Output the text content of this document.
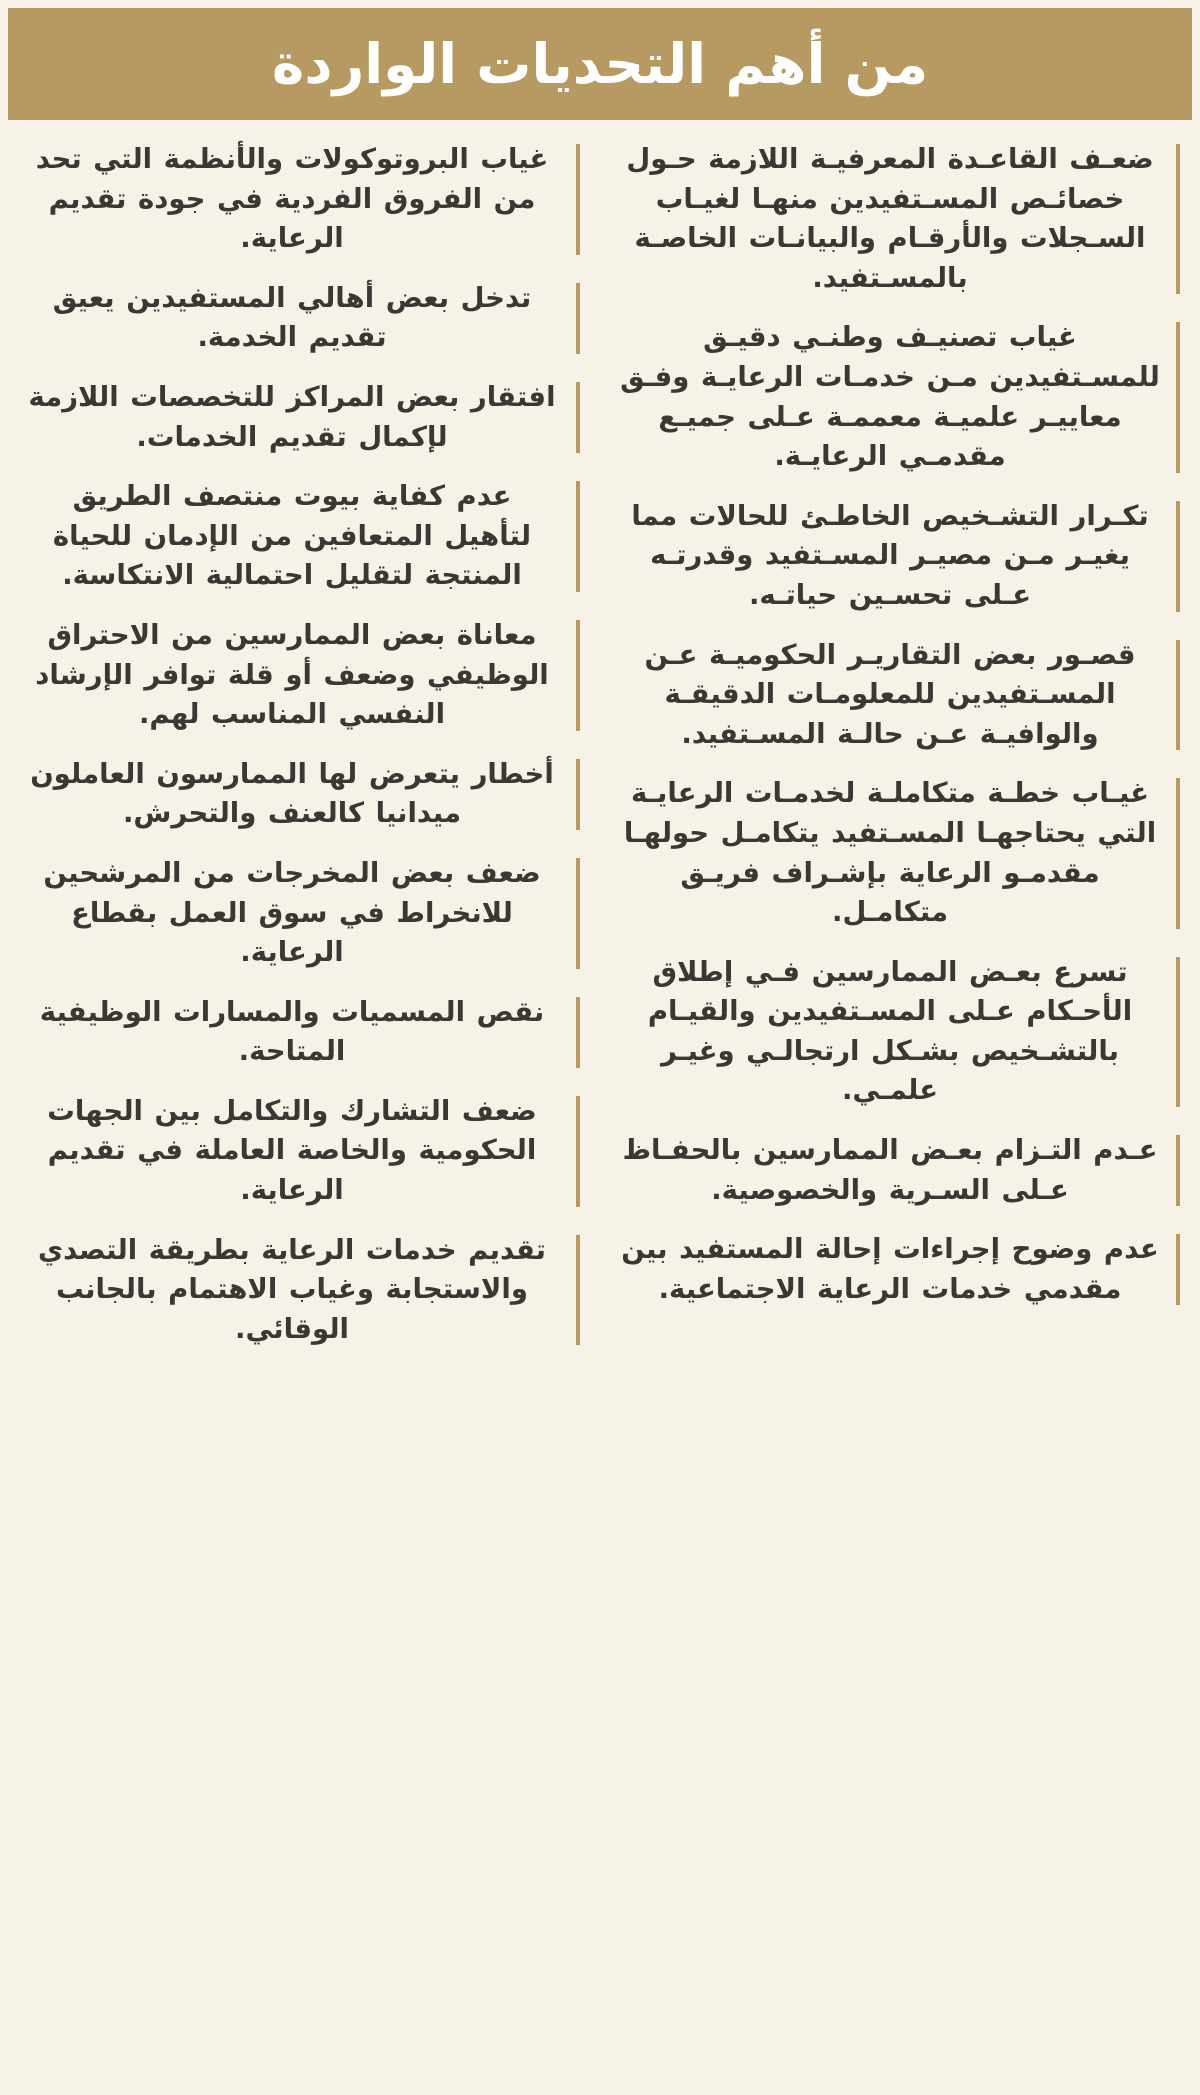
من أهم التحديات الواردة
ضعـف القاعـدة المعرفيـة اللازمة حـول خصائـص المسـتفيدين منهـا لغيـاب السـجلات والأرقـام والبيانـات الخاصـة بالمسـتفيد.
غياب تصنيـف وطنـي دقيـق للمسـتفيدين مـن خدمـات الرعايـة وفـق معاييـر علميـة معممـة عـلى جميـع مقدمـي الرعايـة.
تكـرار التشـخيص الخاطـئ للحالات مما يغيـر مـن مصيـر المسـتفيد وقدرتـه عـلى تحسـين حياتـه.
قصـور بعض التقاريـر الحكوميـة عـن المسـتفيدين للمعلومـات الدقيقـة والوافيـة عـن حالـة المسـتفيد.
غيـاب خطـة متكاملـة لخدمـات الرعايـة التي يحتاجهـا المسـتفيد يتكامـل حولهـا مقدمـو الرعاية بإشـراف فريـق متكامـل.
تسرع بعـض الممارسين فـي إطلاق الأحـكام عـلى المسـتفيدين والقيـام بالتشـخيص بشـكل ارتجالـي وغيـر علمـي.
عـدم التـزام بعـض الممارسين بالحفـاظ عـلى السـرية والخصوصية.
عدم وضوح إجراءات إحالة المستفيد بين مقدمي خدمات الرعاية الاجتماعية.
غياب البروتوكولات والأنظمة التي تحد من الفروق الفردية في جودة تقديم الرعاية.
تدخل بعض أهالي المستفيدين يعيق تقديم الخدمة.
افتقار بعض المراكز للتخصصات اللازمة لإكمال تقديم الخدمات.
عدم كفاية بيوت منتصف الطريق لتأهيل المتعافين من الإدمان للحياة المنتجة لتقليل احتمالية الانتكاسة.
معاناة بعض الممارسين من الاحتراق الوظيفي وضعف أو قلة توافر الإرشاد النفسي المناسب لهم.
أخطار يتعرض لها الممارسون العاملون ميدانيا كالعنف والتحرش.
ضعف بعض المخرجات من المرشحين للانخراط في سوق العمل بقطاع الرعاية.
نقص المسميات والمسارات الوظيفية المتاحة.
ضعف التشارك والتكامل بين الجهات الحكومية والخاصة العاملة في تقديم الرعاية.
تقديم خدمات الرعاية بطريقة التصدي والاستجابة وغياب الاهتمام بالجانب الوقائي.
